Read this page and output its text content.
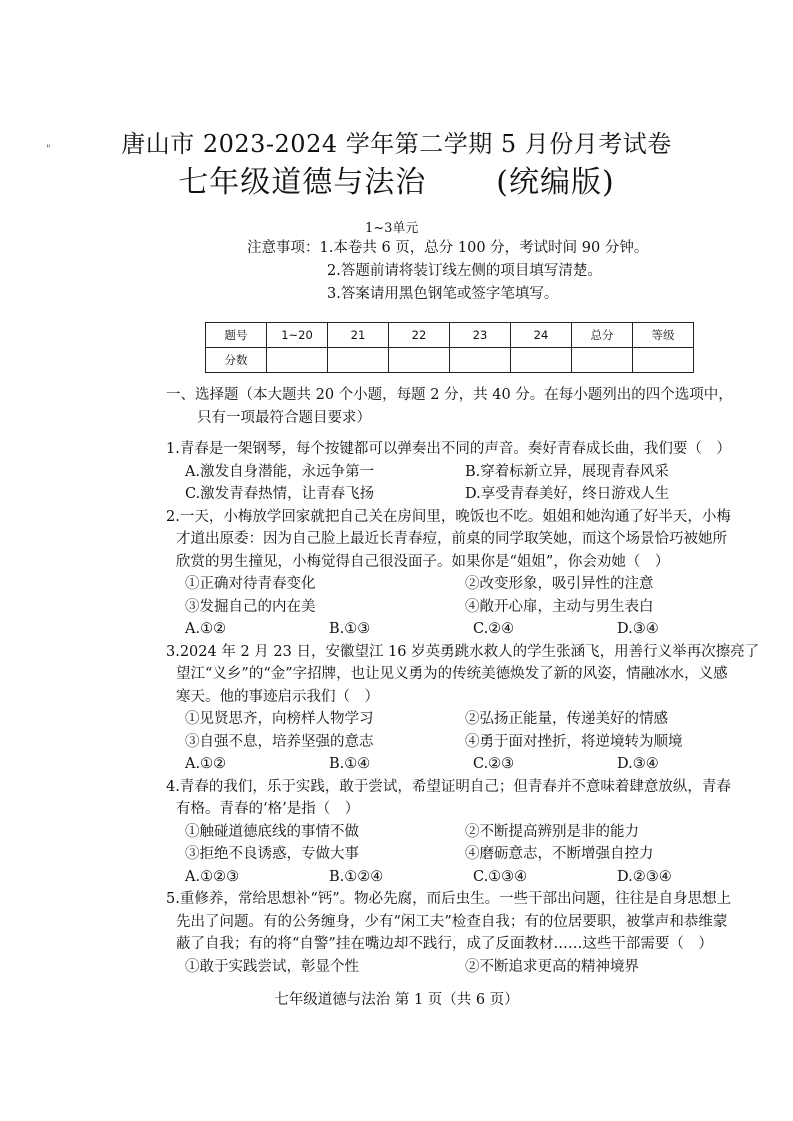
"	唐山市 2023-2024 学年第二学期 5 月份月考试卷
七年级道德与法治 (统编版)
1~3单元
注意事项：1.本卷共 6 页，总分 100 分，考试时间 90 分钟。
2.答题前请将装订线左侧的项目填写清楚。
3.答案请用黑色钢笔或签字笔填写。
题号	1~20	21	22	23	24	总分	等级
分数							
一、选择题（本大题共 20 个小题，每题 2 分，共 40 分。在每小题列出的四个选项中，
只有一项最符合题目要求）
1.青春是一架钢琴，每个按键都可以弹奏出不同的声音。奏好青春成长曲，我们要（　）
A.激发自身潜能，永远争第一	B.穿着标新立异，展现青春风采
C.激发青春热情，让青春飞扬	D.享受青春美好，终日游戏人生
2.一天，小梅放学回家就把自己关在房间里，晚饭也不吃。姐姐和她沟通了好半天，小梅
才道出原委：因为自己脸上最近长青春痘，前桌的同学取笑她，而这个场景恰巧被她所
欣赏的男生撞见，小梅觉得自己很没面子。如果你是“姐姐”，你会劝她（　）
①正确对待青春变化	②改变形象，吸引异性的注意
③发掘自己的内在美	④敞开心扉，主动与男生表白
A.①②	B.①③	C.②④	D.③④
3.2024 年 2 月 23 日，安徽望江 16 岁英勇跳水救人的学生张涵飞，用善行义举再次擦亮了
望江“义乡”的“金”字招牌，也让见义勇为的传统美德焕发了新的风姿，情融冰水，义感
寒天。他的事迹启示我们（　）
①见贤思齐，向榜样人物学习	②弘扬正能量，传递美好的情感
③自强不息，培养坚强的意志	④勇于面对挫折，将逆境转为顺境
A.①②	B.①④	C.②③	D.③④
4.青春的我们，乐于实践，敢于尝试，希望证明自己；但青春并不意味着肆意放纵，青春
有格。青春的‘格’是指（　）
①触碰道德底线的事情不做	②不断提高辨别是非的能力
③拒绝不良诱惑，专做大事	④磨砺意志，不断增强自控力
A.①②③	B.①②④	C.①③④	D.②③④
5.重修养，常给思想补“钙”。物必先腐，而后虫生。一些干部出问题，往往是自身思想上
先出了问题。有的公务缠身，少有“闲工夫”检查自我；有的位居要职，被掌声和恭维蒙
蔽了自我；有的将“自警”挂在嘴边却不践行，成了反面教材……这些干部需要（　）
①敢于实践尝试，彰显个性	②不断追求更高的精神境界
七年级道德与法治 第 1 页（共 6 页）
